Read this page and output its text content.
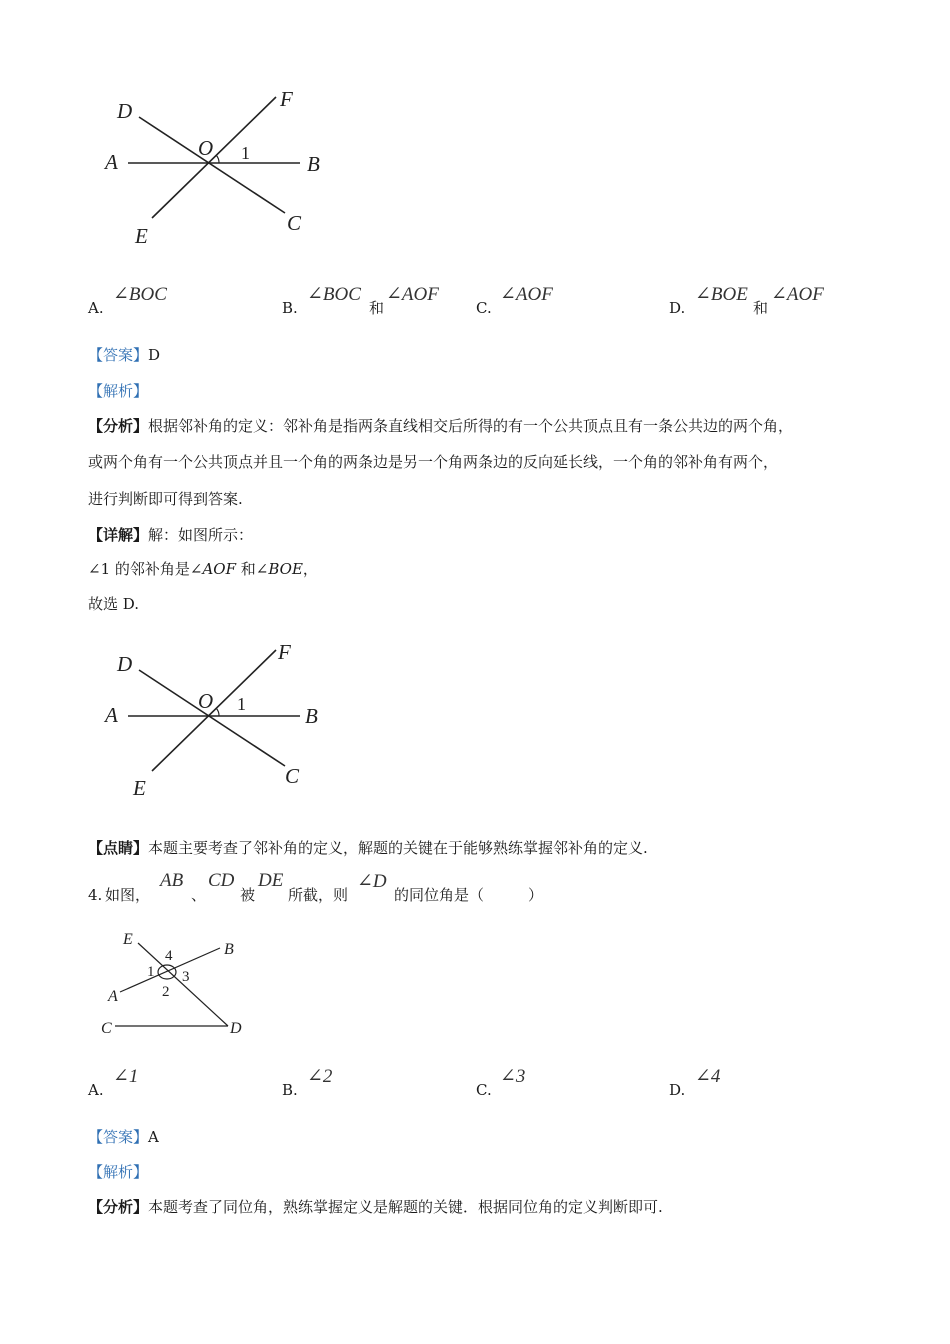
D	F
O 1
A	B
E
C
A.
∠BOC
B.
∠BOC
和
∠AOF
C.
∠AOF
D.
∠BOE
和
∠AOF
【答案】D
【解析】
【分析】根据邻补角的定义：邻补角是指两条直线相交后所得的有一个公共顶点且有一条公共边的两个角，
或两个角有一个公共顶点并且一个角的两条边是另一个角两条边的反向延长线，一个角的邻补角有两个，
进行判断即可得到答案.
【详解】解：如图所示：
∠1 的邻补角是∠AOF 和∠BOE，
故选 D.
D	F
O 1
A	B
E	C
【点睛】本题主要考查了邻补角的定义，解题的关键在于能够熟练掌握邻补角的定义.
4. 如图，
AB
、
CD
被
DE
所截，则
∠D
的同位角是（	）
E
B
4
1 3
A	2
C	D
A.
∠1
B.
∠2
C.
∠3
D.
∠4
【答案】A
【解析】
【分析】本题考查了同位角，熟练掌握定义是解题的关键．根据同位角的定义判断即可.
